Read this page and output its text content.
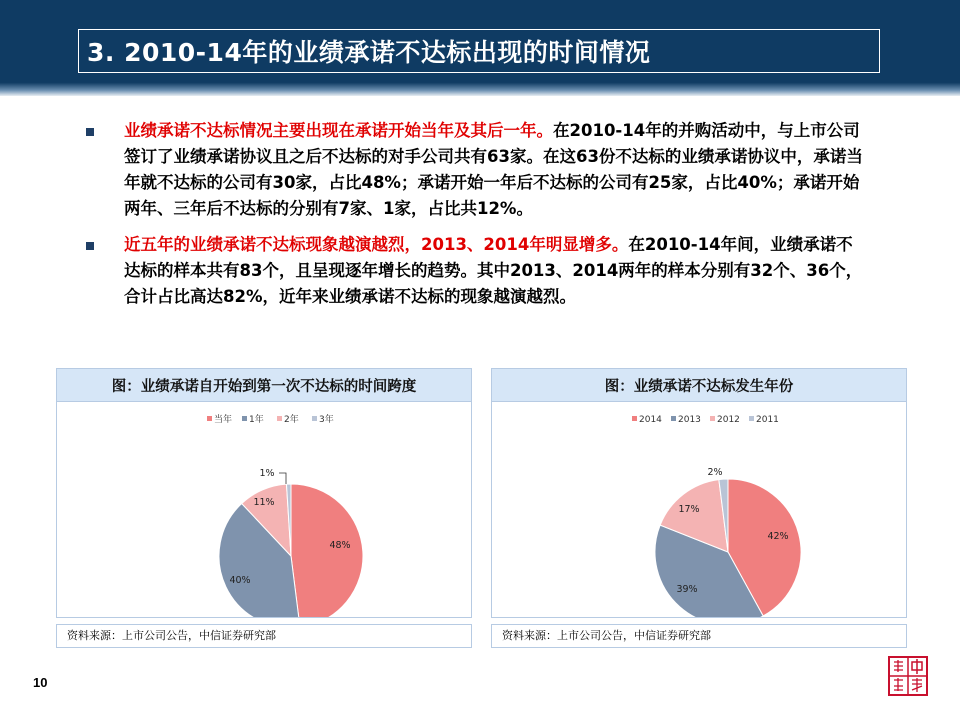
3. 2010-14年的业绩承诺不达标出现的时间情况
业绩承诺不达标情况主要出现在承诺开始当年及其后一年。在2010-14年的并购活动中，与上市公司签订了业绩承诺协议且之后不达标的对手公司共有63家。在这63份不达标的业绩承诺协议中，承诺当年就不达标的公司有30家，占比48%；承诺开始一年后不达标的公司有25家，占比40%；承诺开始两年、三年后不达标的分别有7家、1家，占比共12%。
近五年的业绩承诺不达标现象越演越烈，2013、2014年明显增多。在2010-14年间，业绩承诺不达标的样本共有83个，且呈现逐年增长的趋势。其中2013、2014两年的样本分别有32个、36个，合计占比高达82%，近年来业绩承诺不达标的现象越演越烈。
图：业绩承诺自开始到第一次不达标的时间跨度
当年 1年 2年 3年
48%
40%
11%
1%
资料来源：上市公司公告，中信证券研究部
图：业绩承诺不达标发生年份
2014 2013 2012 2011
42%
39%
17%
2%
资料来源：上市公司公告，中信证券研究部
10
